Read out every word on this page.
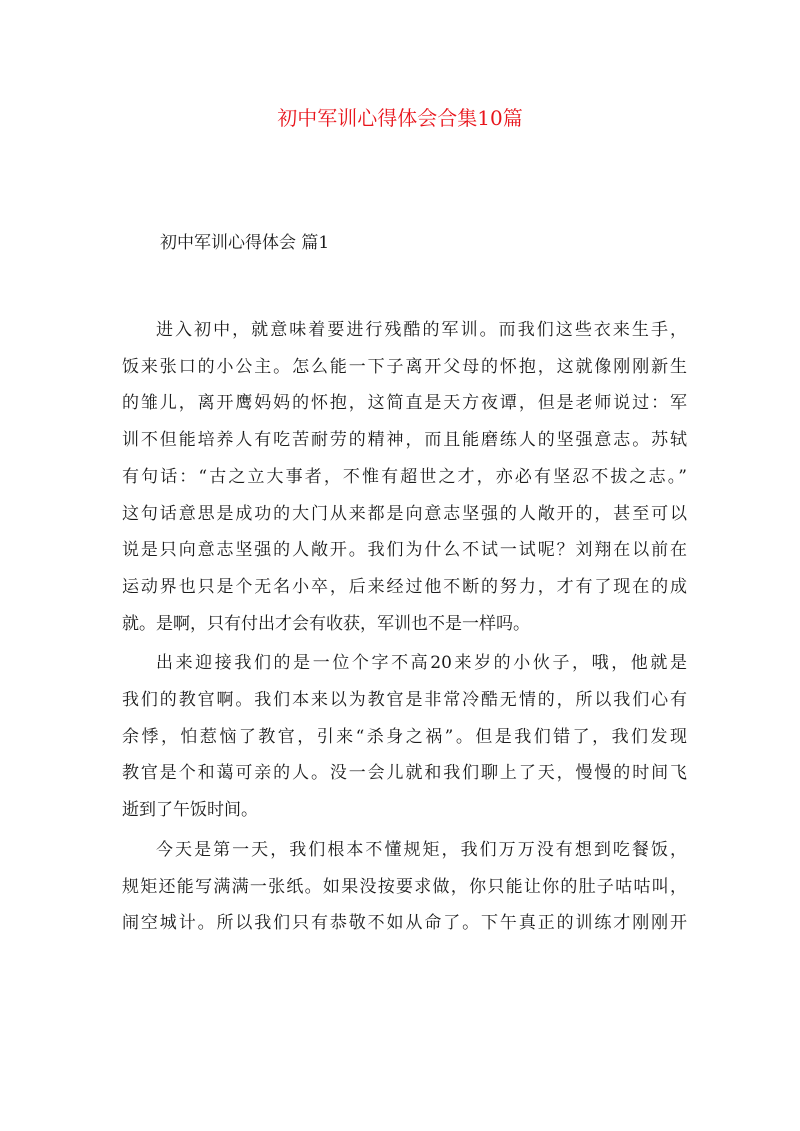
初中军训心得体会合集10篇
初中军训心得体会 篇1

进入初中，就意味着要进行残酷的军训。而我们这些衣来生手，
饭来张口的小公主。怎么能一下子离开父母的怀抱，这就像刚刚新生
的雏儿，离开鹰妈妈的怀抱，这简直是天方夜谭，但是老师说过：军
训不但能培养人有吃苦耐劳的精神，而且能磨练人的坚强意志。苏轼
有句话：“古之立大事者，不惟有超世之才，亦必有坚忍不拔之志。”
这句话意思是成功的大门从来都是向意志坚强的人敞开的，甚至可以
说是只向意志坚强的人敞开。我们为什么不试一试呢？刘翔在以前在
运动界也只是个无名小卒，后来经过他不断的努力，才有了现在的成
就。是啊，只有付出才会有收获，军训也不是一样吗。

出来迎接我们的是一位个字不高20来岁的小伙子，哦，他就是
我们的教官啊。我们本来以为教官是非常冷酷无情的，所以我们心有
余悸，怕惹恼了教官，引来“杀身之祸”。但是我们错了，我们发现
教官是个和蔼可亲的人。没一会儿就和我们聊上了天，慢慢的时间飞
逝到了午饭时间。

今天是第一天，我们根本不懂规矩，我们万万没有想到吃餐饭，
规矩还能写满满一张纸。如果没按要求做，你只能让你的肚子咕咕叫，
闹空城计。所以我们只有恭敬不如从命了。下午真正的训练才刚刚开
